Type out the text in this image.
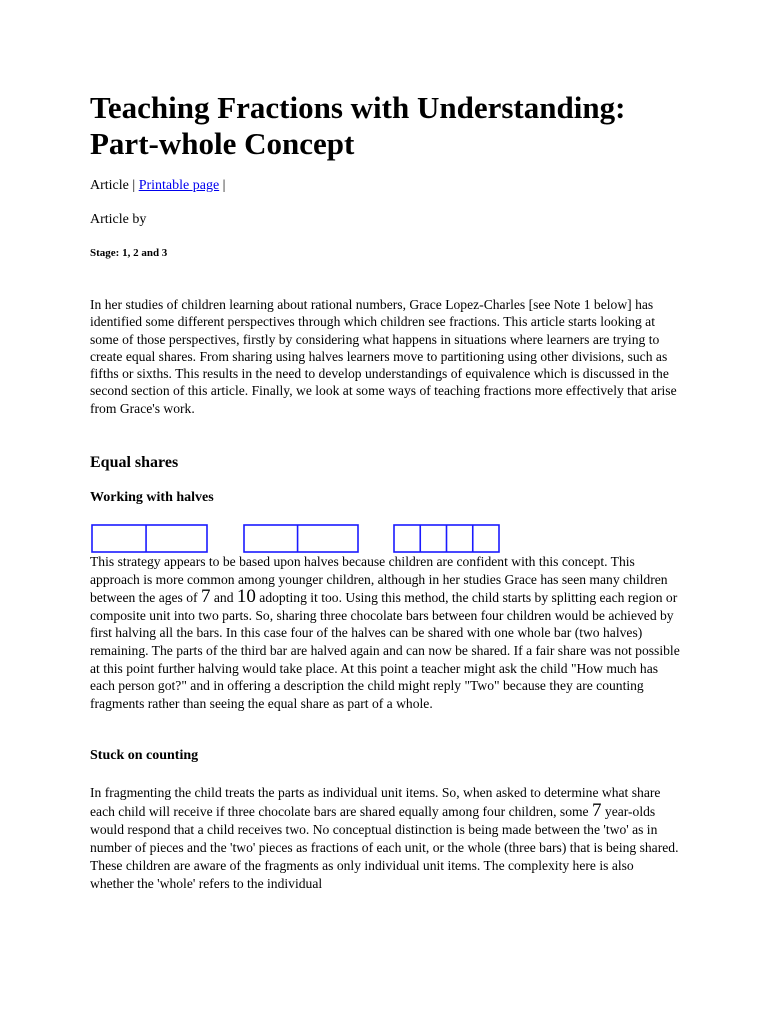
Teaching Fractions with Understanding:
Part-whole Concept
Article | Printable page |
Article by
Stage: 1, 2 and 3

In her studies of children learning about rational numbers, Grace Lopez-Charles [see Note 1 below] has identified some different perspectives through which children see fractions. This article starts looking at some of those perspectives, firstly by considering what happens in situations where learners are trying to create equal shares. From sharing using halves learners move to partitioning using other divisions, such as fifths or sixths. This results in the need to develop understandings of equivalence which is discussed in the second section of this article. Finally, we look at some ways of teaching fractions more effectively that arise from Grace's work.

Equal shares
Working with halves

This strategy appears to be based upon halves because children are confident with this concept. This approach is more common among younger children, although in her studies Grace has seen many children between the ages of 7 and 10 adopting it too. Using this method, the child starts by splitting each region or composite unit into two parts. So, sharing three chocolate bars between four children would be achieved by first halving all the bars. In this case four of the halves can be shared with one whole bar (two halves) remaining. The parts of the third bar are halved again and can now be shared. If a fair share was not possible at this point further halving would take place. At this point a teacher might ask the child "How much has each person got?" and in offering a description the child might reply "Two" because they are counting fragments rather than seeing the equal share as part of a whole.

Stuck on counting

In fragmenting the child treats the parts as individual unit items. So, when asked to determine what share each child will receive if three chocolate bars are shared equally among four children, some 7 year-olds would respond that a child receives two. No conceptual distinction is being made between the 'two' as in number of pieces and the 'two' pieces as fractions of each unit, or the whole (three bars) that is being shared. These children are aware of the fragments as only individual unit items. The complexity here is also whether the 'whole' refers to the individual
